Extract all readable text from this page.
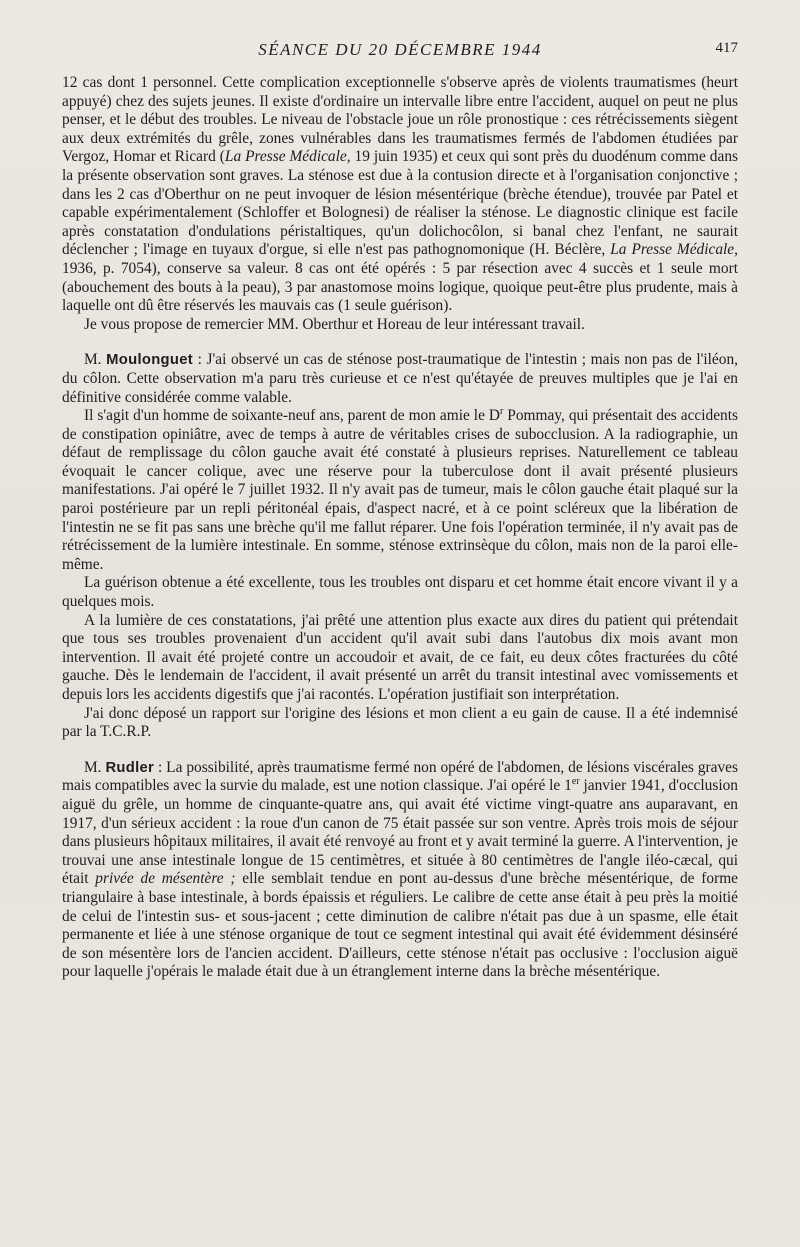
SÉANCE DU 20 DÉCEMBRE 1944	417

12 cas dont 1 personnel. Cette complication exceptionnelle s'observe après de violents traumatismes (heurt appuyé) chez des sujets jeunes. Il existe d'ordinaire un intervalle libre entre l'accident, auquel on peut ne plus penser, et le début des troubles. Le niveau de l'obstacle joue un rôle pronostique : ces rétrécissements siègent aux deux extrémités du grêle, zones vulnérables dans les traumatismes fermés de l'abdomen étudiées par Vergoz, Homar et Ricard (La Presse Médicale, 19 juin 1935) et ceux qui sont près du duodénum comme dans la présente observation sont graves. La sténose est due à la contusion directe et à l'organisation conjonctive ; dans les 2 cas d'Oberthur on ne peut invoquer de lésion mésentérique (brèche étendue), trouvée par Patel et capable expérimentalement (Schloffer et Bolognesi) de réaliser la sténose. Le diagnostic clinique est facile après constatation d'ondulations péristaltiques, qu'un dolichocôlon, si banal chez l'enfant, ne saurait déclencher ; l'image en tuyaux d'orgue, si elle n'est pas pathognomonique (H. Béclère, La Presse Médicale, 1936, p. 7054), conserve sa valeur. 8 cas ont été opérés : 5 par résection avec 4 succès et 1 seule mort (abouchement des bouts à la peau), 3 par anastomose moins logique, quoique peut-être plus prudente, mais à laquelle ont dû être réservés les mauvais cas (1 seule guérison).

Je vous propose de remercier MM. Oberthur et Horeau de leur intéressant travail.

M. Moulonguet : J'ai observé un cas de sténose post-traumatique de l'intestin ; mais non pas de l'iléon, du côlon. Cette observation m'a paru très curieuse et ce n'est qu'étayée de preuves multiples que je l'ai en définitive considérée comme valable.

Il s'agit d'un homme de soixante-neuf ans, parent de mon amie le $D^r$ Pommay, qui présentait des accidents de constipation opiniâtre, avec de temps à autre de véritables crises de subocclusion. A la radiographie, un défaut de remplissage du côlon gauche avait été constaté à plusieurs reprises. Naturellement ce tableau évoquait le cancer colique, avec une réserve pour la tuberculose dont il avait présenté plusieurs manifestations. J'ai opéré le 7 juillet 1932. Il n'y avait pas de tumeur, mais le côlon gauche était plaqué sur la paroi postérieure par un repli péritonéal épais, d'aspect nacré, et à ce point scléreux que la libération de l'intestin ne se fit pas sans une brèche qu'il me fallut réparer. Une fois l'opération terminée, il n'y avait pas de rétrécissement de la lumière intestinale. En somme, sténose extrinsèque du côlon, mais non de la paroi elle-même.

La guérison obtenue a été excellente, tous les troubles ont disparu et cet homme était encore vivant il y a quelques mois.

A la lumière de ces constatations, j'ai prêté une attention plus exacte aux dires du patient qui prétendait que tous ses troubles provenaient d'un accident qu'il avait subi dans l'autobus dix mois avant mon intervention. Il avait été projeté contre un accoudoir et avait, de ce fait, eu deux côtes fracturées du côté gauche. Dès le lendemain de l'accident, il avait présenté un arrêt du transit intestinal avec vomissements et depuis lors les accidents digestifs que j'ai racontés. L'opération justifiait son interprétation.

J'ai donc déposé un rapport sur l'origine des lésions et mon client a eu gain de cause. Il a été indemnisé par la T.C.R.P.

M. Rudler : La possibilité, après traumatisme fermé non opéré de l'abdomen, de lésions viscérales graves mais compatibles avec la survie du malade, est une notion classique. J'ai opéré le 1er janvier 1941, d'occlusion aiguë du grêle, un homme de cinquante-quatre ans, qui avait été victime vingt-quatre ans auparavant, en 1917, d'un sérieux accident : la roue d'un canon de 75 était passée sur son ventre. Après trois mois de séjour dans plusieurs hôpitaux militaires, il avait été renvoyé au front et y avait terminé la guerre. A l'intervention, je trouvai une anse intestinale longue de 15 centimètres, et située à 80 centimètres de l'angle iléo-cæcal, qui était privée de mésentère ; elle semblait tendue en pont au-dessus d'une brèche mésentérique, de forme triangulaire à base intestinale, à bords épaissis et réguliers. Le calibre de cette anse était à peu près la moitié de celui de l'intestin sus- et sous-jacent ; cette diminution de calibre n'était pas due à un spasme, elle était permanente et liée à une sténose organique de tout ce segment intestinal qui avait été évidemment désinséré de son mésentère lors de l'ancien accident. D'ailleurs, cette sténose n'était pas occlusive : l'occlusion aiguë pour laquelle j'opérais le malade était due à un étranglement interne dans la brèche mésentérique.
